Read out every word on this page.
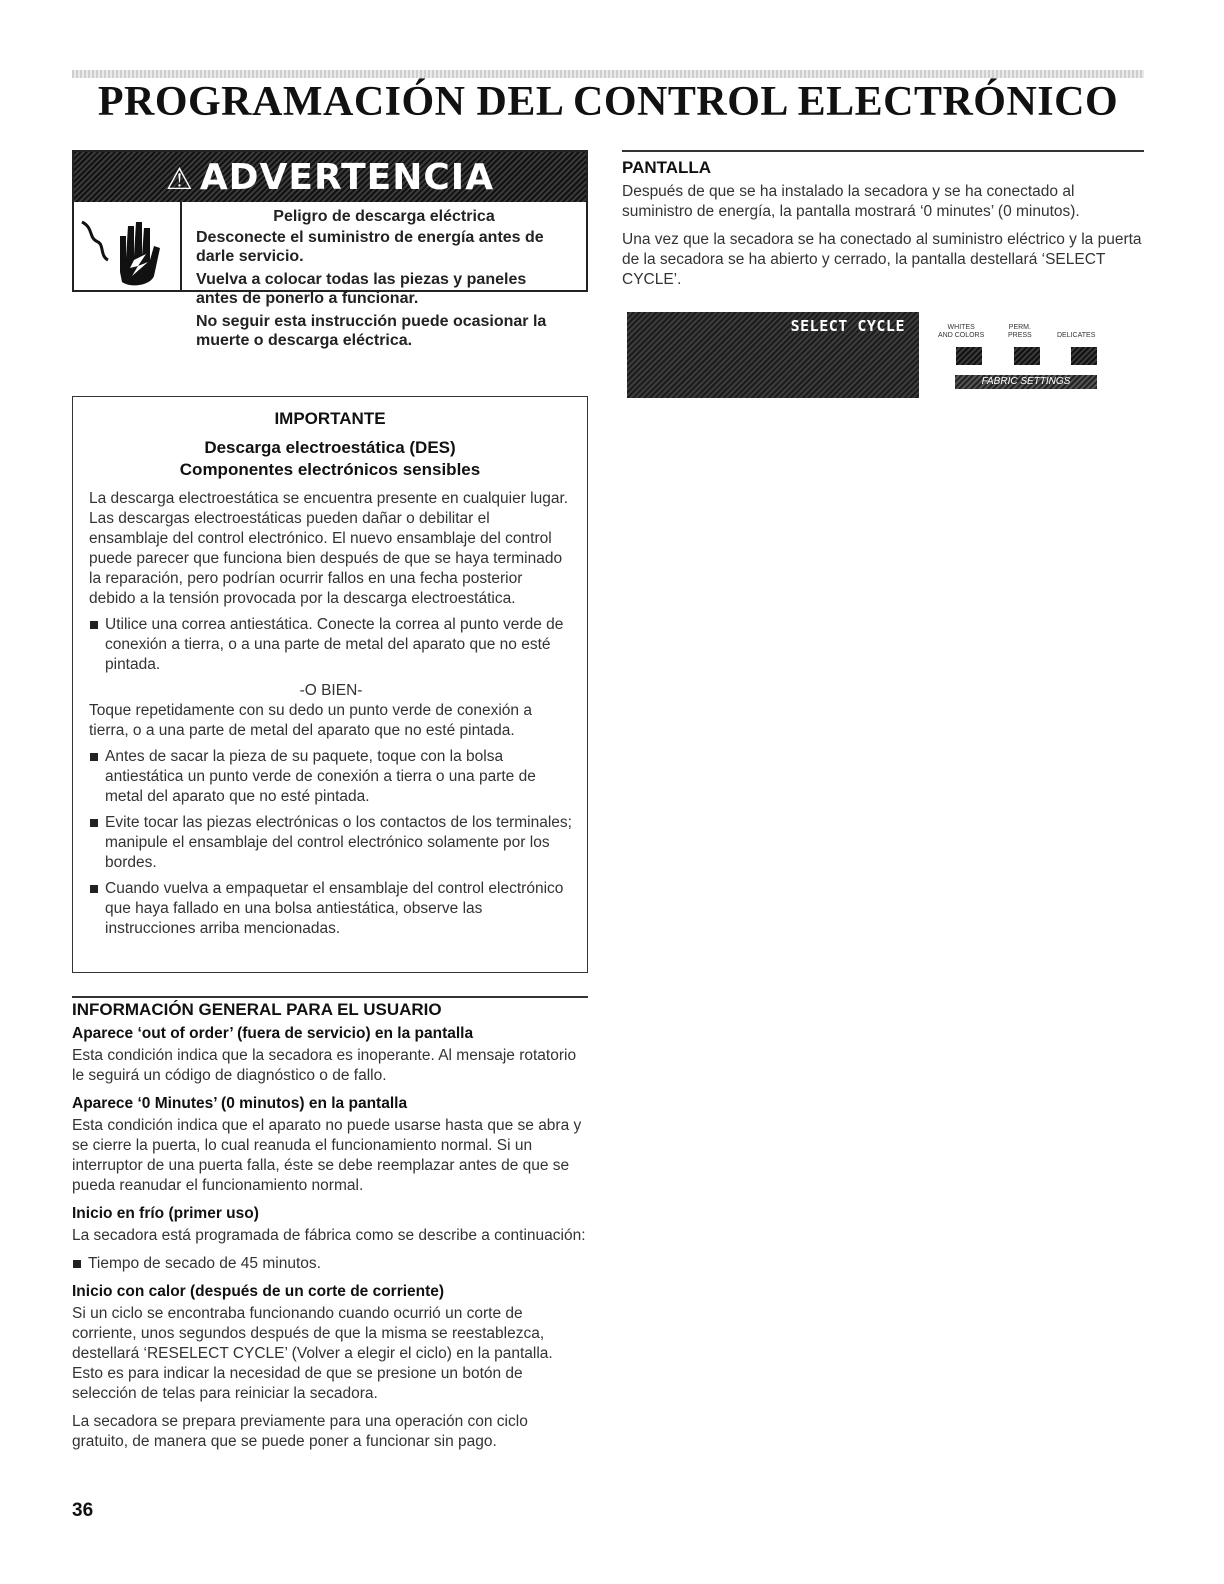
PROGRAMACIÓN DEL CONTROL ELECTRÓNICO
⚠ ADVERTENCIA
Peligro de descarga eléctrica

Desconecte el suministro de energía antes de darle servicio.

Vuelva a colocar todas las piezas y paneles antes de ponerlo a funcionar.

No seguir esta instrucción puede ocasionar la muerte o descarga eléctrica.

IMPORTANTE
Descarga electroestática (DES)
Componentes electrónicos sensibles

La descarga electroestática se encuentra presente en cualquier lugar. Las descargas electroestáticas pueden dañar o debilitar el ensamblaje del control electrónico. El nuevo ensamblaje del control puede parecer que funciona bien después de que se haya terminado la reparación, pero podrían ocurrir fallos en una fecha posterior debido a la tensión provocada por la descarga electroestática.

Utilice una correa antiestática. Conecte la correa al punto verde de conexión a tierra, o a una parte de metal del aparato que no esté pintada.

-O BIEN-

Toque repetidamente con su dedo un punto verde de conexión a tierra, o a una parte de metal del aparato que no esté pintada.

Antes de sacar la pieza de su paquete, toque con la bolsa antiestática un punto verde de conexión a tierra o una parte de metal del aparato que no esté pintada.

Evite tocar las piezas electrónicas o los contactos de los terminales; manipule el ensamblaje del control electrónico solamente por los bordes.

Cuando vuelva a empaquetar el ensamblaje del control electrónico que haya fallado en una bolsa antiestática, observe las instrucciones arriba mencionadas.

INFORMACIÓN GENERAL PARA EL USUARIO
Aparece ‘out of order’ (fuera de servicio) en la pantalla

Esta condición indica que la secadora es inoperante. Al mensaje rotatorio le seguirá un código de diagnóstico o de fallo.

Aparece ‘0 Minutes’ (0 minutos) en la pantalla

Esta condición indica que el aparato no puede usarse hasta que se abra y se cierre la puerta, lo cual reanuda el funcionamiento normal. Si un interruptor de una puerta falla, éste se debe reemplazar antes de que se pueda reanudar el funcionamiento normal.

Inicio en frío (primer uso)

La secadora está programada de fábrica como se describe a continuación:

Tiempo de secado de 45 minutos.

Inicio con calor (después de un corte de corriente)

Si un ciclo se encontraba funcionando cuando ocurrió un corte de corriente, unos segundos después de que la misma se reestablezca, destellará ‘RESELECT CYCLE’ (Volver a elegir el ciclo) en la pantalla. Esto es para indicar la necesidad de que se presione un botón de selección de telas para reiniciar la secadora.

La secadora se prepara previamente para una operación con ciclo gratuito, de manera que se puede poner a funcionar sin pago.

36
PANTALLA

Después de que se ha instalado la secadora y se ha conectado al suministro de energía, la pantalla mostrará ‘0 minutes’ (0 minutos).

Una vez que la secadora se ha conectado al suministro eléctrico y la puerta de la secadora se ha abierto y cerrado, la pantalla destellará ‘SELECT CYCLE’.

SELECT CYCLE	WHITES
AND COLORS
PERM.
PRESS	DELICATES
FABRIC SETTINGS
